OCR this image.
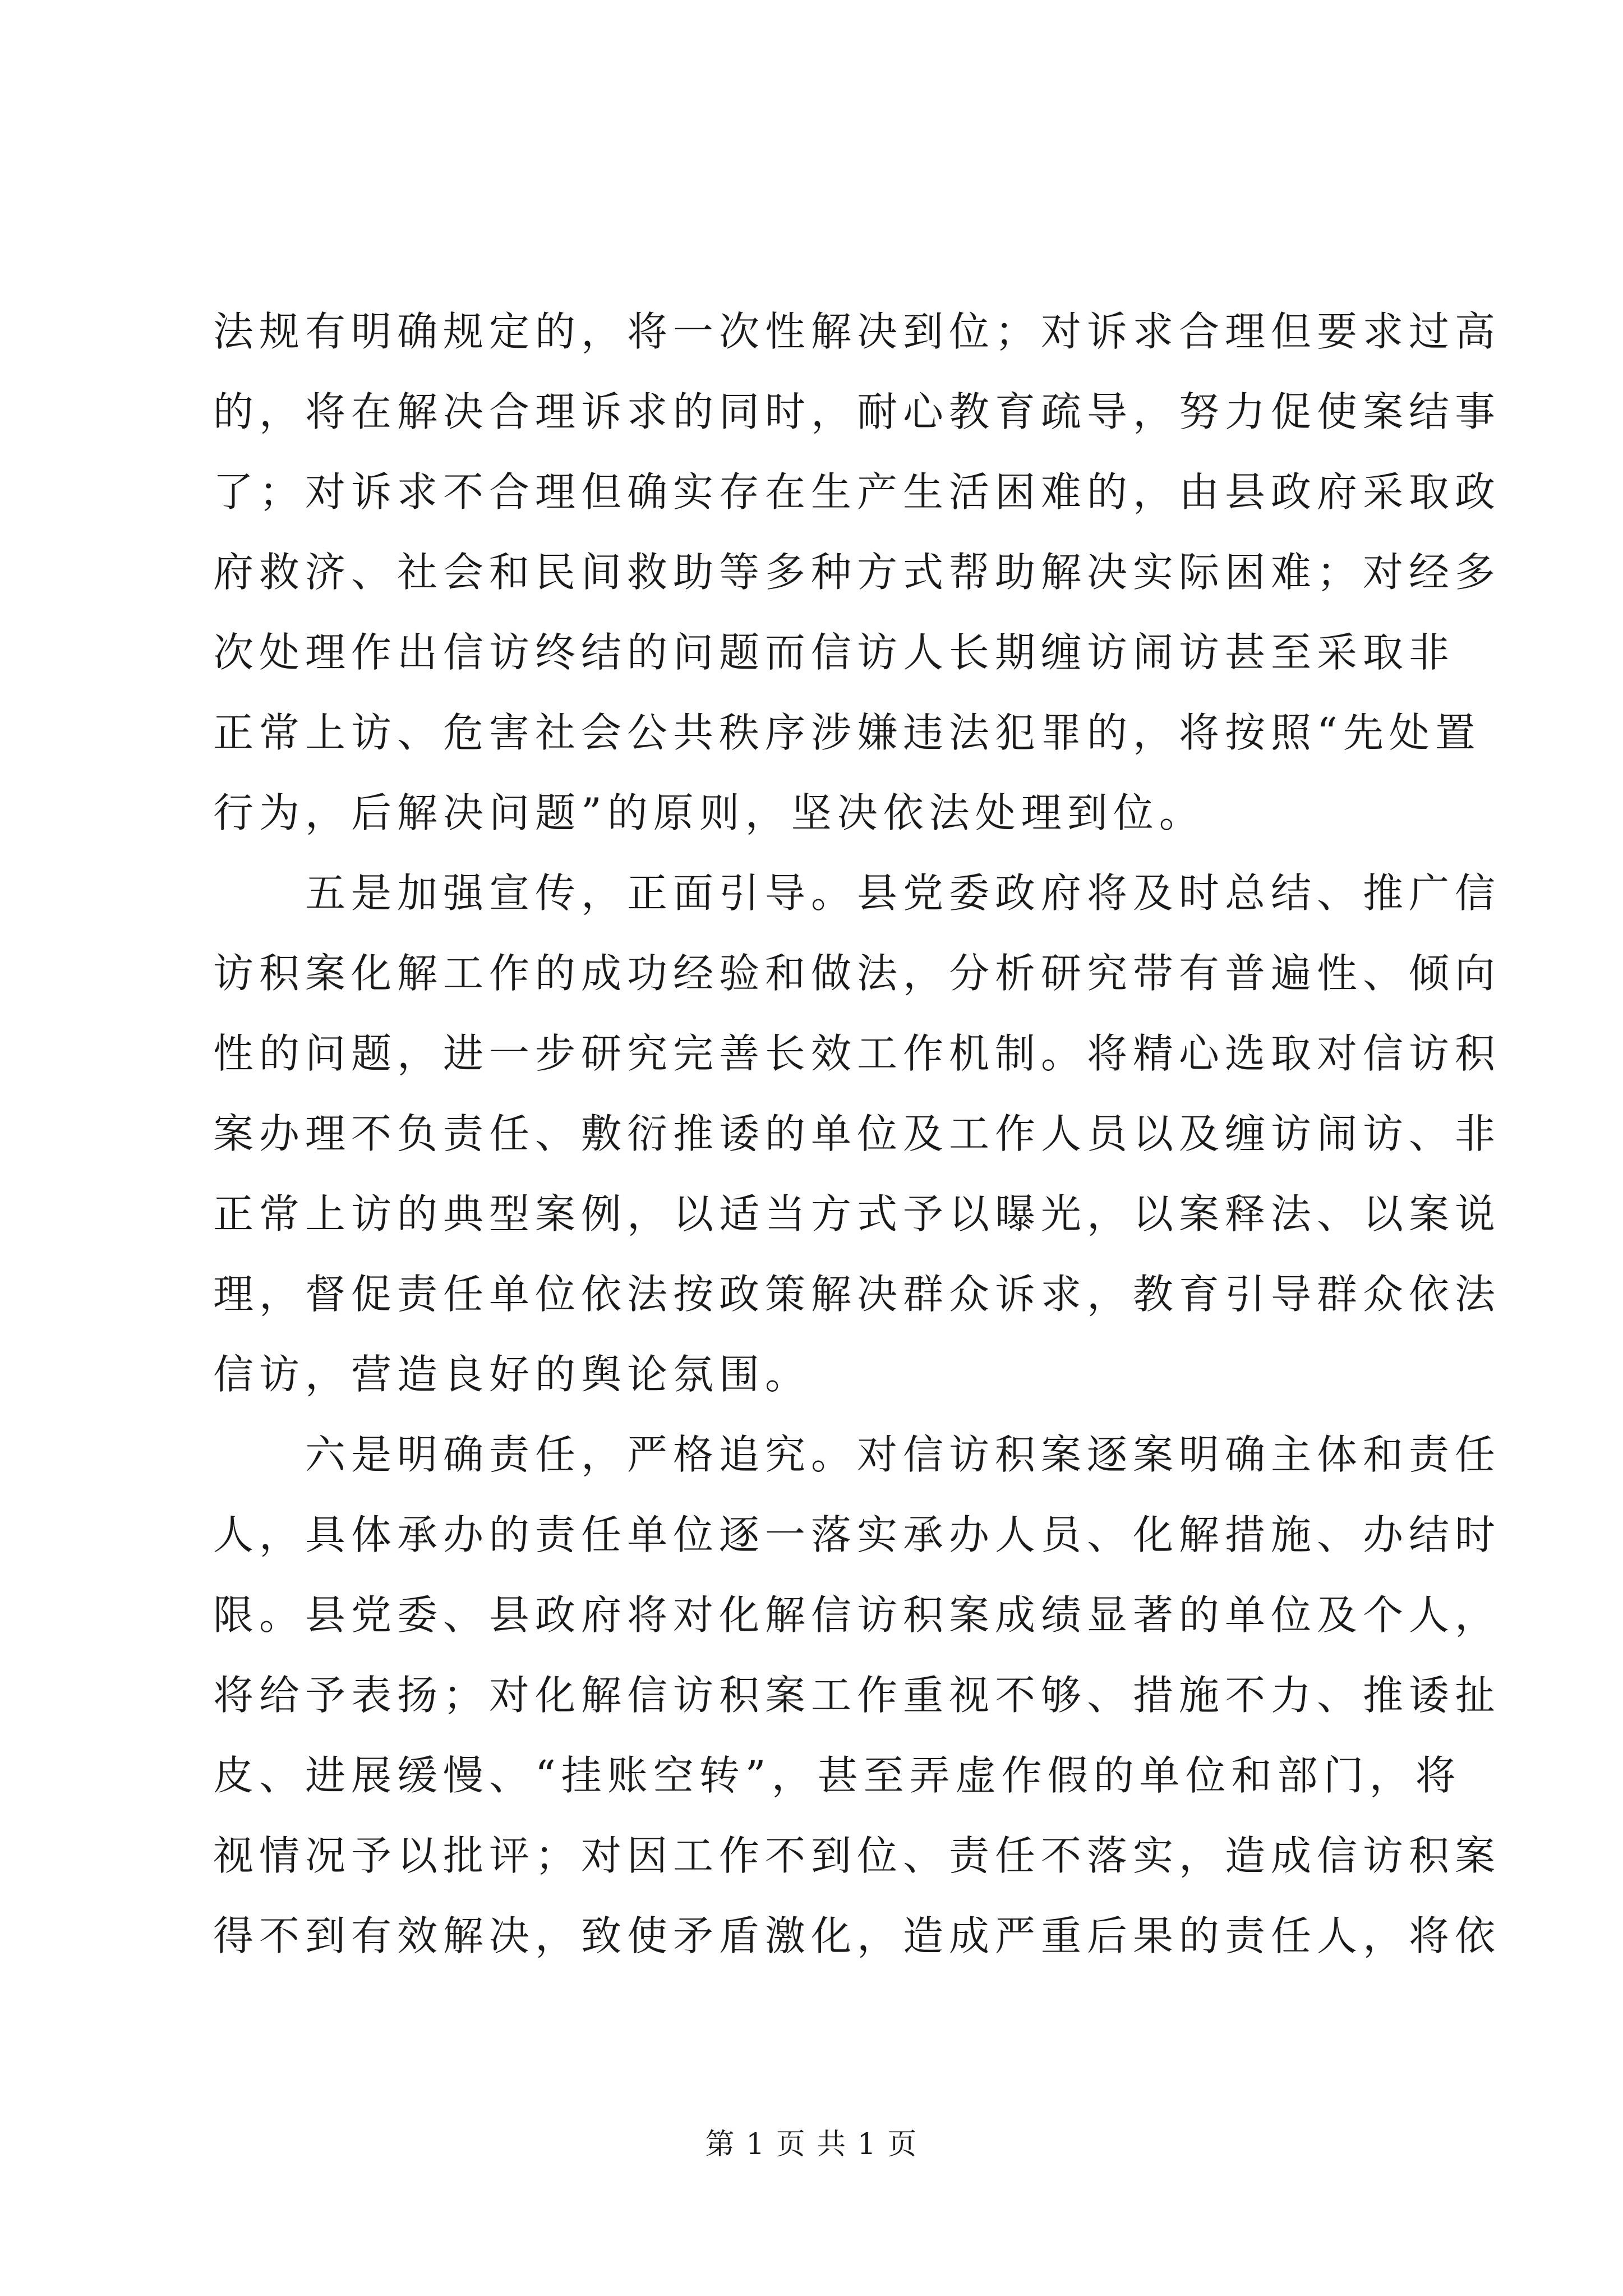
法规有明确规定的，将一次性解决到位；对诉求合理但要求过高
的，将在解决合理诉求的同时，耐心教育疏导，努力促使案结事
了；对诉求不合理但确实存在生产生活困难的，由县政府采取政
府救济、社会和民间救助等多种方式帮助解决实际困难；对经多
次处理作出信访终结的问题而信访人长期缠访闹访甚至采取非
正常上访、危害社会公共秩序涉嫌违法犯罪的，将按照“先处置
行为，后解决问题”的原则，坚决依法处理到位。
　　五是加强宣传，正面引导。县党委政府将及时总结、推广信
访积案化解工作的成功经验和做法，分析研究带有普遍性、倾向
性的问题，进一步研究完善长效工作机制。将精心选取对信访积
案办理不负责任、敷衍推诿的单位及工作人员以及缠访闹访、非
正常上访的典型案例，以适当方式予以曝光，以案释法、以案说
理，督促责任单位依法按政策解决群众诉求，教育引导群众依法
信访，营造良好的舆论氛围。
　　六是明确责任，严格追究。对信访积案逐案明确主体和责任
人，具体承办的责任单位逐一落实承办人员、化解措施、办结时
限。县党委、县政府将对化解信访积案成绩显著的单位及个人，
将给予表扬；对化解信访积案工作重视不够、措施不力、推诿扯
皮、进展缓慢、“挂账空转”，甚至弄虚作假的单位和部门，将
视情况予以批评；对因工作不到位、责任不落实，造成信访积案
得不到有效解决，致使矛盾激化，造成严重后果的责任人，将依
第 1 页 共 1 页
